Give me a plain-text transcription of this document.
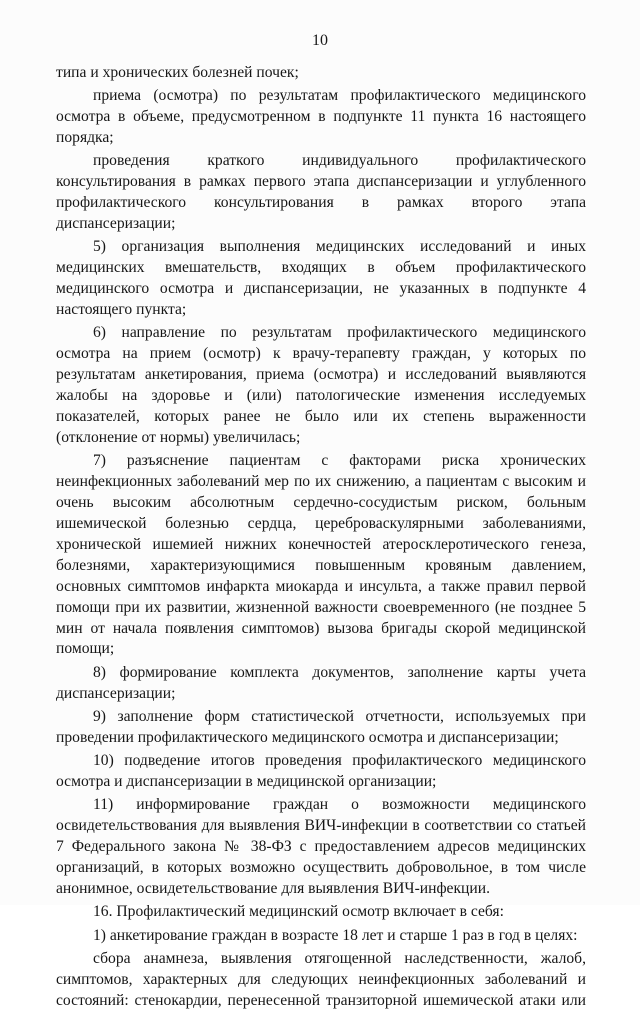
10

типа и хронических болезней почек;

приема (осмотра) по результатам профилактического медицинского осмотра в объеме, предусмотренном в подпункте 11 пункта 16 настоящего порядка;

проведения краткого индивидуального профилактического консультирования в рамках первого этапа диспансеризации и углубленного профилактического консультирования в рамках второго этапа диспансеризации;

5) организация выполнения медицинских исследований и иных медицинских вмешательств, входящих в объем профилактического медицинского осмотра и диспансеризации, не указанных в подпункте 4 настоящего пункта;

6) направление по результатам профилактического медицинского осмотра на прием (осмотр) к врачу-терапевту граждан, у которых по результатам анкетирования, приема (осмотра) и исследований выявляются жалобы на здоровье и (или) патологические изменения исследуемых показателей, которых ранее не было или их степень выраженности (отклонение от нормы) увеличилась;

7) разъяснение пациентам с факторами риска хронических неинфекционных заболеваний мер по их снижению, а пациентам с высоким и очень высоким абсолютным сердечно-сосудистым риском, больным ишемической болезнью сердца, цереброваскулярными заболеваниями, хронической ишемией нижних конечностей атеросклеротического генеза, болезнями, характеризующимися повышенным кровяным давлением, основных симптомов инфаркта миокарда и инсульта, а также правил первой помощи при их развитии, жизненной важности своевременного (не позднее 5 мин от начала появления симптомов) вызова бригады скорой медицинской помощи;

8) формирование комплекта документов, заполнение карты учета диспансеризации;

9) заполнение форм статистической отчетности, используемых при проведении профилактического медицинского осмотра и диспансеризации;

10) подведение итогов проведения профилактического медицинского осмотра и диспансеризации в медицинской организации;

11) информирование граждан о возможности медицинского освидетельствования для выявления ВИЧ-инфекции в соответствии со статьей 7 Федерального закона № 38-ФЗ с предоставлением адресов медицинских организаций, в которых возможно осуществить добровольное, в том числе анонимное, освидетельствование для выявления ВИЧ-инфекции.

16. Профилактический медицинский осмотр включает в себя:

1) анкетирование граждан в возрасте 18 лет и старше 1 раз в год в целях:

сбора анамнеза, выявления отягощенной наследственности, жалоб, симптомов, характерных для следующих неинфекционных заболеваний и состояний: стенокардии, перенесенной транзиторной ишемической атаки или
